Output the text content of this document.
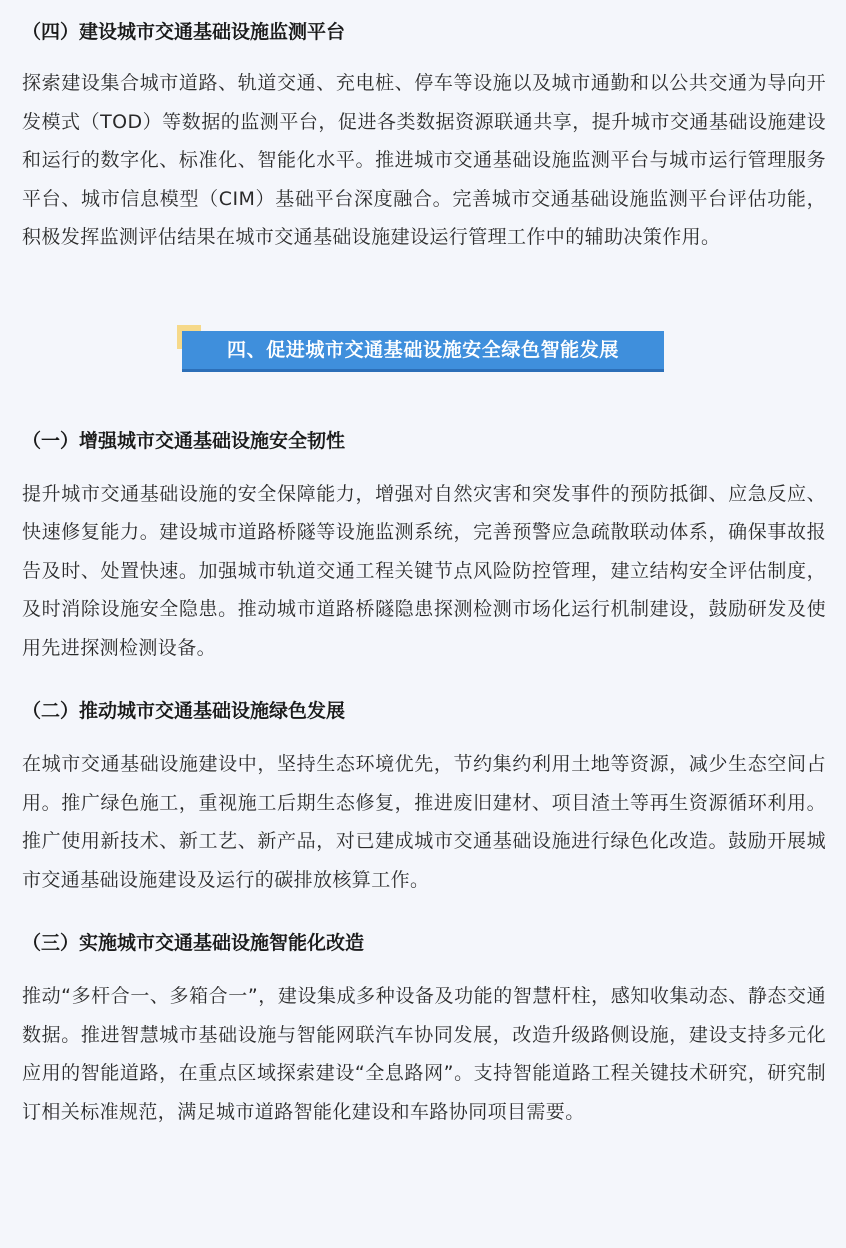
（四）建设城市交通基础设施监测平台

探索建设集合城市道路、轨道交通、充电桩、停车等设施以及城市通勤和以公共交通为导向开发模式（TOD）等数据的监测平台，促进各类数据资源联通共享，提升城市交通基础设施建设和运行的数字化、标准化、智能化水平。推进城市交通基础设施监测平台与城市运行管理服务平台、城市信息模型（CIM）基础平台深度融合。完善城市交通基础设施监测平台评估功能，积极发挥监测评估结果在城市交通基础设施建设运行管理工作中的辅助决策作用。

四、促进城市交通基础设施安全绿色智能发展
（一）增强城市交通基础设施安全韧性

提升城市交通基础设施的安全保障能力，增强对自然灾害和突发事件的预防抵御、应急反应、快速修复能力。建设城市道路桥隧等设施监测系统，完善预警应急疏散联动体系，确保事故报告及时、处置快速。加强城市轨道交通工程关键节点风险防控管理，建立结构安全评估制度，及时消除设施安全隐患。推动城市道路桥隧隐患探测检测市场化运行机制建设，鼓励研发及使用先进探测检测设备。

（二）推动城市交通基础设施绿色发展

在城市交通基础设施建设中，坚持生态环境优先，节约集约利用土地等资源，减少生态空间占用。推广绿色施工，重视施工后期生态修复，推进废旧建材、项目渣土等再生资源循环利用。推广使用新技术、新工艺、新产品，对已建成城市交通基础设施进行绿色化改造。鼓励开展城市交通基础设施建设及运行的碳排放核算工作。

（三）实施城市交通基础设施智能化改造

推动“多杆合一、多箱合一”，建设集成多种设备及功能的智慧杆柱，感知收集动态、静态交通数据。推进智慧城市基础设施与智能网联汽车协同发展，改造升级路侧设施，建设支持多元化应用的智能道路，在重点区域探索建设“全息路网”。支持智能道路工程关键技术研究，研究制订相关标准规范，满足城市道路智能化建设和车路协同项目需要。
